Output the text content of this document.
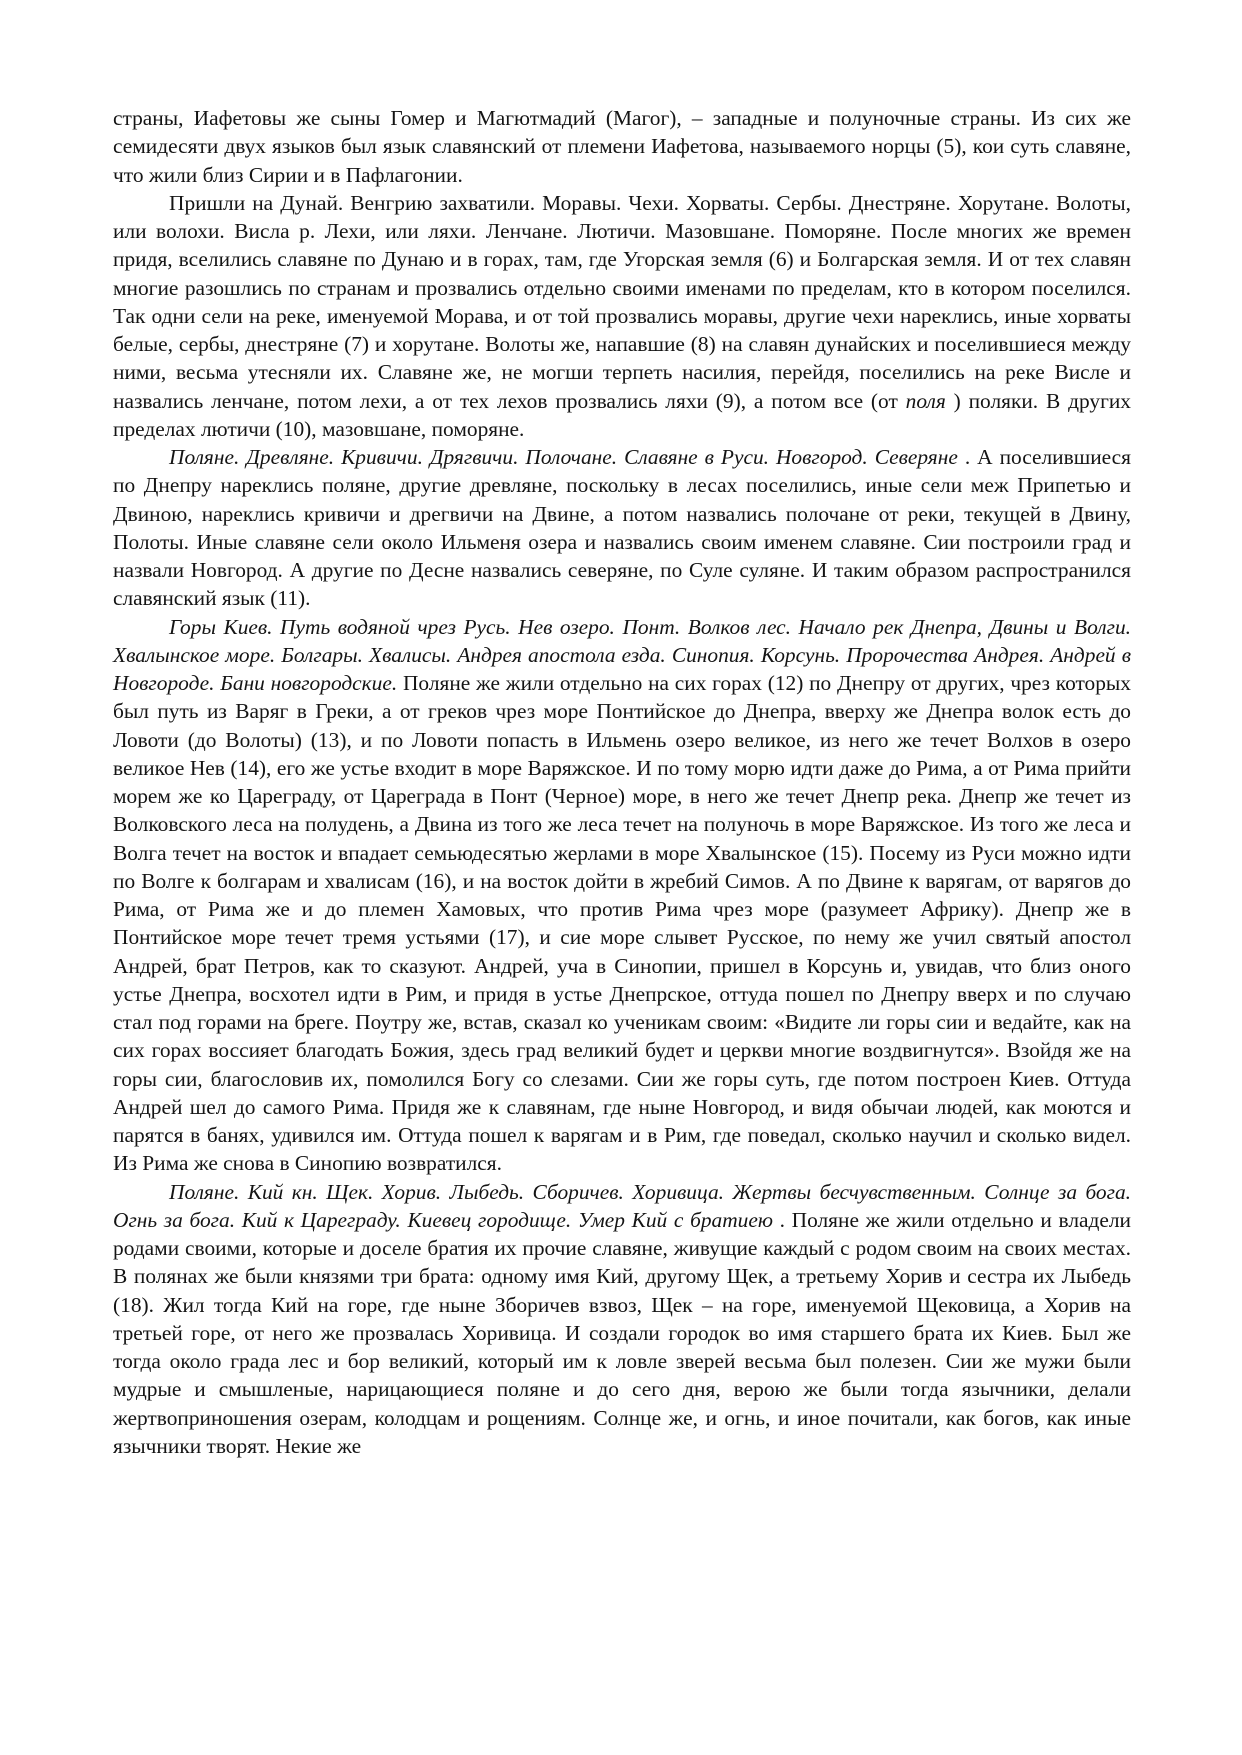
страны, Иафетовы же сыны Гомер и Магютмадий (Магог), – западные и полуночные страны. Из сих же семидесяти двух языков был язык славянский от племени Иафетова, называемого норцы (5), кои суть славяне, что жили близ Сирии и в Пафлагонии.

Пришли на Дунай. Венгрию захватили. Моравы. Чехи. Хорваты. Сербы. Днестряне. Хорутане. Волоты, или волохи. Висла р. Лехи, или ляхи. Ленчане. Лютичи. Мазовшане. Поморяне. После многих же времен придя, вселились славяне по Дунаю и в горах, там, где Угорская земля (6) и Болгарская земля. И от тех славян многие разошлись по странам и прозвались отдельно своими именами по пределам, кто в котором поселился. Так одни сели на реке, именуемой Морава, и от той прозвались моравы, другие чехи нареклись, иные хорваты белые, сербы, днестряне (7) и хорутане. Волоты же, напавшие (8) на славян дунайских и поселившиеся между ними, весьма утесняли их. Славяне же, не могши терпеть насилия, перейдя, поселились на реке Висле и назвались ленчане, потом лехи, а от тех лехов прозвались ляхи (9), а потом все (от поля ) поляки. В других пределах лютичи (10), мазовшане, поморяне.

Поляне. Древляне. Кривичи. Дрягвичи. Полочане. Славяне в Руси. Новгород. Северяне . А поселившиеся по Днепру нареклись поляне, другие древляне, поскольку в лесах поселились, иные сели меж Припетью и Двиною, нареклись кривичи и дрегвичи на Двине, а потом назвались полочане от реки, текущей в Двину, Полоты. Иные славяне сели около Ильменя озера и назвались своим именем славяне. Сии построили град и назвали Новгород. А другие по Десне назвались северяне, по Суле суляне. И таким образом распространился славянский язык (11).

Горы Киев. Путь водяной чрез Русь. Нев озеро. Понт. Волков лес. Начало рек Днепра, Двины и Волги. Хвалынское море. Болгары. Хвалисы. Андрея апостола езда. Синопия. Корсунь. Пророчества Андрея. Андрей в Новгороде. Бани новгородские. Поляне же жили отдельно на сих горах (12) по Днепру от других, чрез которых был путь из Варяг в Греки, а от греков чрез море Понтийское до Днепра, вверху же Днепра волок есть до Ловоти (до Волоты) (13), и по Ловоти попасть в Ильмень озеро великое, из него же течет Волхов в озеро великое Нев (14), его же устье входит в море Варяжское. И по тому морю идти даже до Рима, а от Рима прийти морем же ко Цареграду, от Цареграда в Понт (Черное) море, в него же течет Днепр река. Днепр же течет из Волковского леса на полудень, а Двина из того же леса течет на полуночь в море Варяжское. Из того же леса и Волга течет на восток и впадает семьюдесятью жерлами в море Хвалынское (15). Посему из Руси можно идти по Волге к болгарам и хвалисам (16), и на восток дойти в жребий Симов. А по Двине к варягам, от варягов до Рима, от Рима же и до племен Хамовых, что против Рима чрез море (разумеет Африку). Днепр же в Понтийское море течет тремя устьями (17), и сие море слывет Русское, по нему же учил святый апостол Андрей, брат Петров, как то сказуют. Андрей, уча в Синопии, пришел в Корсунь и, увидав, что близ оного устье Днепра, восхотел идти в Рим, и придя в устье Днепрское, оттуда пошел по Днепру вверх и по случаю стал под горами на бреге. Поутру же, встав, сказал ко ученикам своим: «Видите ли горы сии и ведайте, как на сих горах воссияет благодать Божия, здесь град великий будет и церкви многие воздвигнутся». Взойдя же на горы сии, благословив их, помолился Богу со слезами. Сии же горы суть, где потом построен Киев. Оттуда Андрей шел до самого Рима. Придя же к славянам, где ныне Новгород, и видя обычаи людей, как моются и парятся в банях, удивился им. Оттуда пошел к варягам и в Рим, где поведал, сколько научил и сколько видел. Из Рима же снова в Синопию возвратился.

Поляне. Кий кн. Щек. Хорив. Лыбедь. Сборичев. Хоривица. Жертвы бесчувственным. Солнце за бога. Огнь за бога. Кий к Цареграду. Киевец городище. Умер Кий с братиею . Поляне же жили отдельно и владели родами своими, которые и доселе братия их прочие славяне, живущие каждый с родом своим на своих местах. В полянах же были князями три брата: одному имя Кий, другому Щек, а третьему Хорив и сестра их Лыбедь (18). Жил тогда Кий на горе, где ныне Зборичев взвоз, Щек – на горе, именуемой Щековица, а Хорив на третьей горе, от него же прозвалась Хоривица. И создали городок во имя старшего брата их Киев. Был же тогда около града лес и бор великий, который им к ловле зверей весьма был полезен. Сии же мужи были мудрые и смышленые, нарицающиеся поляне и до сего дня, верою же были тогда язычники, делали жертвоприношения озерам, колодцам и рощениям. Солнце же, и огнь, и иное почитали, как богов, как иные язычники творят. Некие же
